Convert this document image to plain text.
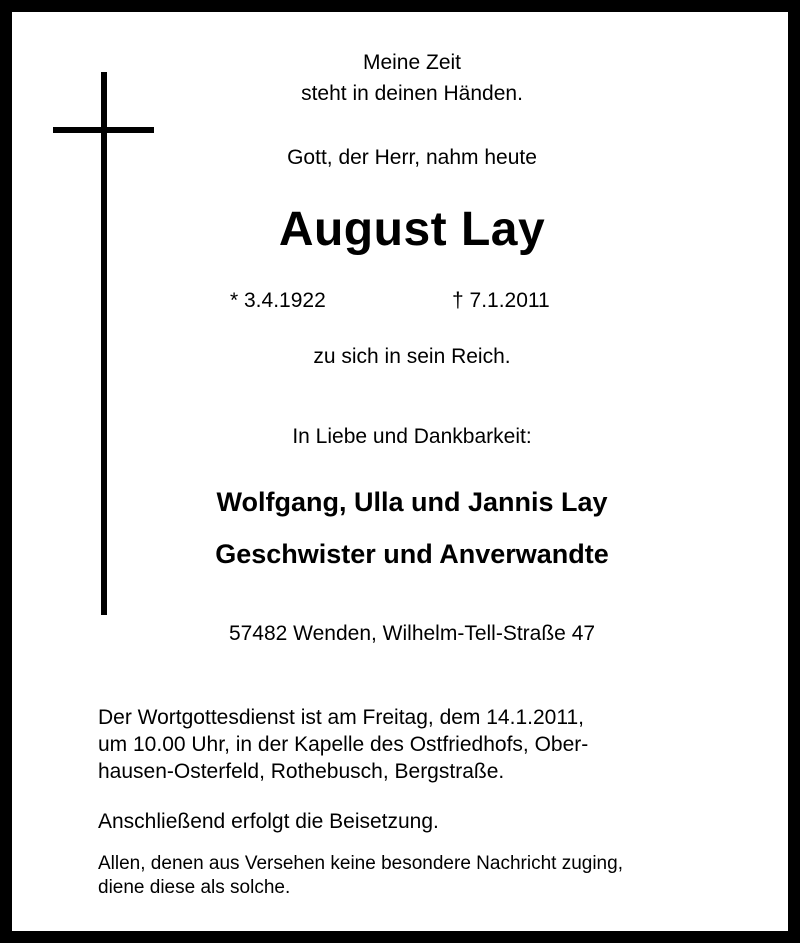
Meine Zeit
steht in deinen Händen.
Gott, der Herr, nahm heute
August Lay
* 3.4.1922	† 7.1.2011
zu sich in sein Reich.
In Liebe und Dankbarkeit:
Wolfgang, Ulla und Jannis Lay
Geschwister und Anverwandte
57482 Wenden, Wilhelm-Tell-Straße 47
Der Wortgottesdienst ist am Freitag, dem 14.1.2011,
um 10.00 Uhr, in der Kapelle des Ostfriedhofs, Ober-
hausen-Osterfeld, Rothebusch, Bergstraße.
Anschließend erfolgt die Beisetzung.
Allen, denen aus Versehen keine besondere Nachricht zuging,
diene diese als solche.
